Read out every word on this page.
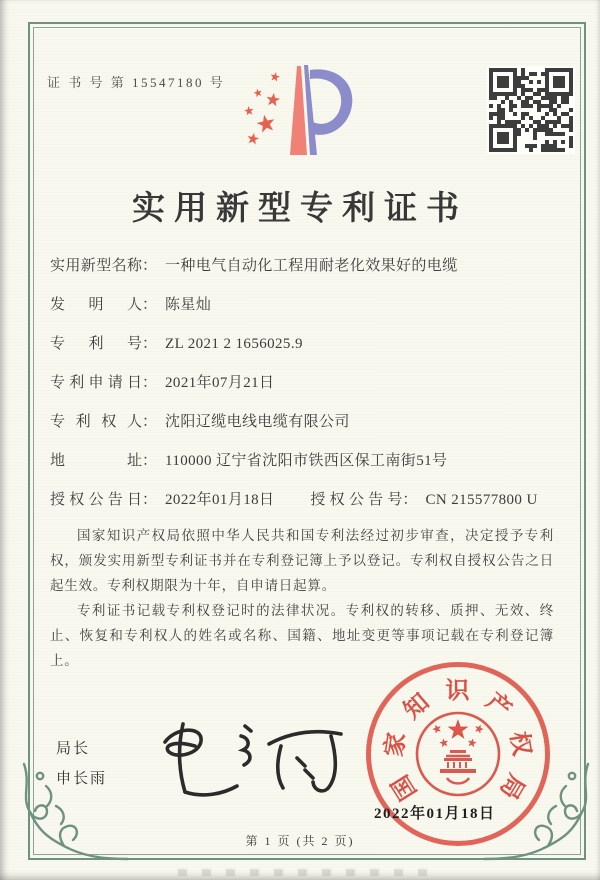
证 书 号 第 15547180 号
实用新型专利证书
实用新型名称： 一种电气自动化工程用耐老化效果好的电缆
发明人： 陈星灿
专利号： ZL 2021 2 1656025.9
专利申请日： 2021年07月21日
专利权人： 沈阳辽缆电线电缆有限公司
地址： 110000 辽宁省沈阳市铁西区保工南街51号
授权公告日： 2022年01月18日 授权公告号： CN 215577800 U

国家知识产权局依照中华人民共和国专利法经过初步审查，决定授予专利权，颁发实用新型专利证书并在专利登记簿上予以登记。专利权自授权公告之日起生效。专利权期限为十年，自申请日起算。

专利证书记载专利权登记时的法律状况。专利权的转移、质押、无效、终止、恢复和专利权人的姓名或名称、国籍、地址变更等事项记载在专利登记簿上。

局长
申长雨	国
家
知 识 产
权
局
2022年01月18日
第 1 页 (共 2 页)
